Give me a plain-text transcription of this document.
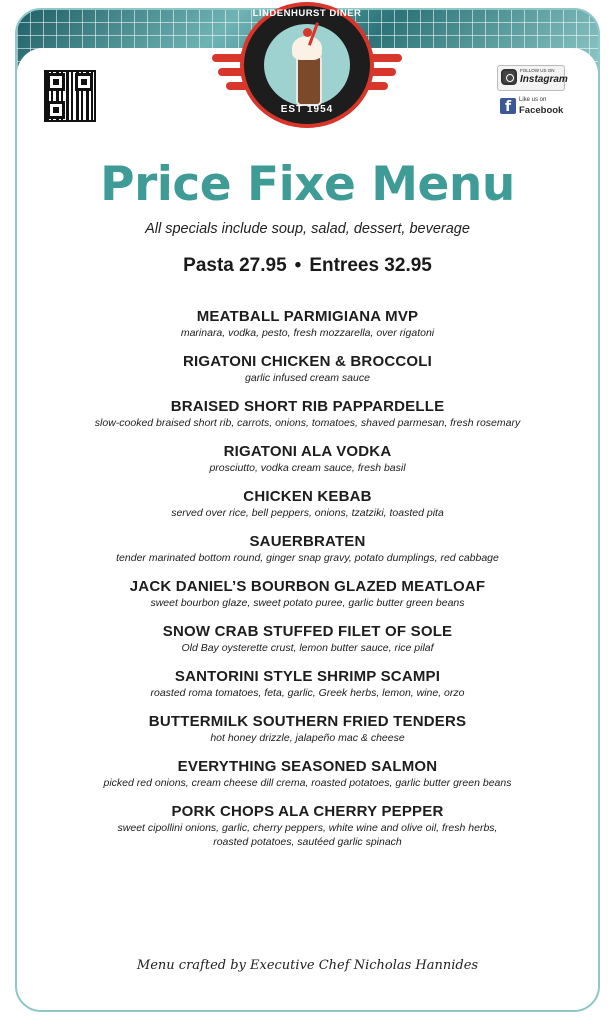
LINDENHURST DINER
EST 1954
FOLLOW US ON
Instagram
f	Like us on
Facebook
Price Fixe Menu
All specials include soup, salad, dessert, beverage
Pasta 27.95 • Entrees 32.95
MEATBALL PARMIGIANA MVP
marinara, vodka, pesto, fresh mozzarella, over rigatoni
RIGATONI CHICKEN & BROCCOLI
garlic infused cream sauce
BRAISED SHORT RIB PAPPARDELLE
slow-cooked braised short rib, carrots, onions, tomatoes, shaved parmesan, fresh rosemary
RIGATONI ALA VODKA
prosciutto, vodka cream sauce, fresh basil
CHICKEN KEBAB
served over rice, bell peppers, onions, tzatziki, toasted pita
SAUERBRATEN
tender marinated bottom round, ginger snap gravy, potato dumplings, red cabbage
JACK DANIEL’S BOURBON GLAZED MEATLOAF
sweet bourbon glaze, sweet potato puree, garlic butter green beans
SNOW CRAB STUFFED FILET OF SOLE
Old Bay oysterette crust, lemon butter sauce, rice pilaf
SANTORINI STYLE SHRIMP SCAMPI
roasted roma tomatoes, feta, garlic, Greek herbs, lemon, wine, orzo
BUTTERMILK SOUTHERN FRIED TENDERS
hot honey drizzle, jalapeño mac & cheese
EVERYTHING SEASONED SALMON
picked red onions, cream cheese dill crema, roasted potatoes, garlic butter green beans
PORK CHOPS ALA CHERRY PEPPER
sweet cipollini onions, garlic, cherry peppers, white wine and olive oil, fresh herbs,
roasted potatoes, sautéed garlic spinach
Menu crafted by Executive Chef Nicholas Hannides
